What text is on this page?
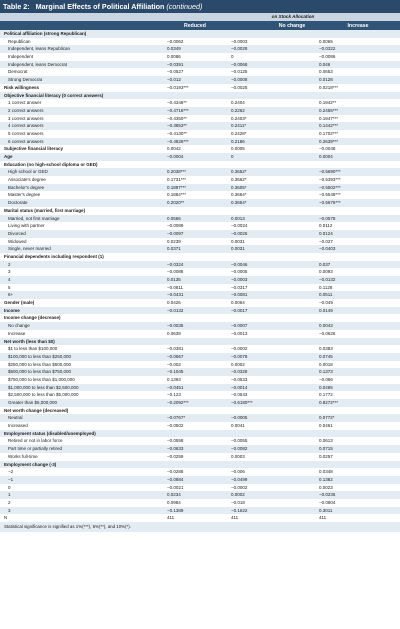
Table 2: Marginal Effects of Political Affiliation (continued)
on Stock Allocation
Reduced	No change	Increase
Political affiliation (strong Republican)			
Republican	−0.0062	−0.0003	0.0065
Independent, leans Republican	0.0349	−0.0028	−0.0322
Independent	0.0086	0	−0.0086
Independent, leans Democrat	−0.0391	−0.0068	0.046
Democrat	−0.0527	−0.0125	0.0653
Strong Democrat	−0.012	−0.0008	0.0128
Risk willingness	−0.0193***	−0.0025	0.0218***
Objective financial literacy (0 correct answers)			
1 correct answer	−0.4346**	0.2404	0.1942**
2 correct answers	−0.4716***	0.2262	0.2455***
3 correct answers	−0.4350**	0.2403*	0.1947***
4 correct answers	−0.3853**	0.2411*	0.1442***
5 correct answers	−0.4130**	0.2428*	0.1702***
6 correct answers	−0.4826***	0.2186	0.2639***
Subjective financial literacy	0.0042	0.0005	−0.0048
Age	−0.0004	0	0.0004
Education (no high-school diploma or GED)			
High school or GED	0.2038***	0.3652*	−0.5690***
Associate's degree	0.1731***	0.3662*	−0.5393***
Bachelor's degree	0.1897***	0.3605*	−0.5502***
Master's degree	0.1884***	0.3664*	−0.5548***
Doctorate	0.2020**	0.3654*	−0.5675***
Marital status (married, first marriage)			
Married, not first marriage	0.0566	0.0013	−0.0578
Living with partner	−0.0089	−0.0024	0.0112
Divorced	−0.0097	−0.0026	0.0124
Widowed	0.0239	0.0031	−0.027
Single, never married	0.0371	0.0031	−0.0403
Financial dependents including respondent (1)			
2	−0.0324	−0.0046	0.037
3	−0.0088	−0.0005	0.0093
4	0.0135	−0.0003	−0.0132
5	−0.0811	−0.0317	0.1128
6+	−0.0431	−0.0081	0.0511
Gender (male)	0.0426	0.0064	−0.049
Income	−0.0132	−0.0017	0.0149
Income change (decrease)			
No change	−0.0035	−0.0007	0.0043
Increase	0.0639	−0.0013	−0.0626
Net worth (less than $0)			
$1 to less than $100,000	−0.0381	−0.0002	0.0383
$100,000 to less than $250,000	−0.0667	−0.0078	0.0745
$250,000 to less than $500,000	−0.002	0.0002	0.0018
$500,000 to less than $750,000	−0.1045	−0.0328	0.1373
$750,000 to less than $1,000,000	0.1393	−0.0533	−0.086
$1,000,000 to less than $2,500,000	−0.0451	−0.0014	0.0465
$2,500,000 to less than $5,000,000	−0.123	−0.0543	0.1772
Greater than $5,000,000	−0.2092***	−0.6180***	0.8272***
Net worth change (decreased)			
Neutral	−0.0767*	−0.0005	0.0772*
Increased	−0.0502	0.0041	0.0461
Employment status (disabled/unemployed)			
Retired or not in labor force	−0.0558	−0.0055	0.0613
Part time or partially retired	−0.0633	−0.0082	0.0715
Works full-time	−0.0259	0.0003	0.0257
Employment change (-3)			
−2	−0.0288	−0.006	0.0348
−1	−0.0884	−0.0499	0.1382
0	−0.0021	−0.0002	0.0023
1	0.0234	0.0002	−0.0236
2	0.0984	−0.018	−0.0804
3	−0.1389	−0.1622	0.3011
N	411	411	411
Statistical significance is signified as 1%(***), 5%(**), and 10%(*).
